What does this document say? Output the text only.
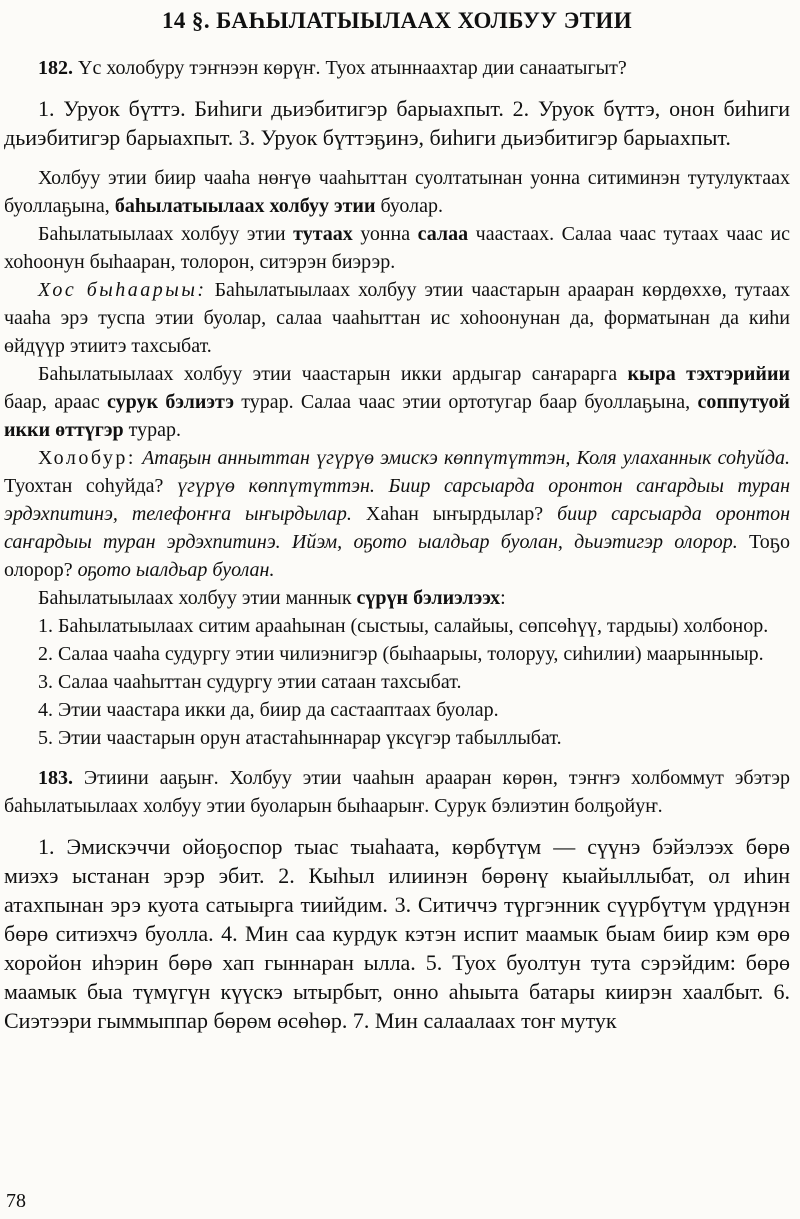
14 §. БАҺЫЛАТЫЫЛААХ ХОЛБУУ ЭТИИ

182. Үс холобуру тэҥнээн көрүҥ. Туох атыннаахтар дии санаатыгыт?

1. Уруок бүттэ. Биһиги дьиэбитигэр барыахпыт. 2. Уруок бүттэ, онон биһиги дьиэбитигэр барыахпыт. 3. Уруок бүттэҕинэ, биһиги дьиэбитигэр барыахпыт.

Холбуу этии биир чааһа нөҥүө чааһыттан суолтатынан уонна ситиминэн тутулуктаах буоллаҕына, баһылатыылаах холбуу этии буолар.

Баһылатыылаах холбуу этии тутаах уонна салаа чаастаах. Салаа чаас тутаах чаас ис хоһоонун быһааран, толорон, ситэрэн биэрэр.

Хос быһаарыы: Баһылатыылаах холбуу этии чаастарын арааран көрдөххө, тутаах чааһа эрэ туспа этии буолар, салаа чааһыттан ис хоһоонунан да, форматынан да киһи өйдүүр этиитэ тахсыбат.

Баһылатыылаах холбуу этии чаастарын икки ардыгар саҥарарга кыра тэхтэрийии баар, араас сурук бэлиэтэ турар. Салаа чаас этии ортотугар баар буоллаҕына, соппутуой икки өттүгэр турар.

Холобур: Атаҕын анныттан үгүрүө эмискэ көппүтүттэн, Коля улаханнык соһуйда. Туохтан соһуйда? үгүрүө көппүтүттэн. Биир сарсыарда оронтон саҥардыы туран эрдэхпитинэ, телефоҥҥа ыҥырдылар. Хаһан ыҥырдылар? биир сарсыарда оронтон саҥардыы туран эрдэхпитинэ. Ийэм, оҕото ыалдьар буолан, дьиэтигэр олорор. Тоҕо олорор? оҕото ыалдьар буолан.

Баһылатыылаах холбуу этии маннык сүрүн бэлиэлээх:

1. Баһылатыылаах ситим арааһынан (сыстыы, салайыы, сөпсөһүү, тардыы) холбонор.

2. Салаа чааһа судургу этии чилиэнигэр (быһаарыы, толоруу, сиһилии) маарынныыр.

3. Салаа чааһыттан судургу этии сатаан тахсыбат.

4. Этии чаастара икки да, биир да састааптаах буолар.

5. Этии чаастарын орун атастаһыннарар үксүгэр табыллыбат.

183. Этиини ааҕыҥ. Холбуу этии чааһын арааран көрөн, тэҥҥэ холбоммут эбэтэр баһылатыылаах холбуу этии буоларын быһаарыҥ. Сурук бэлиэтин болҕойуҥ.

1. Эмискэччи ойоҕоспор тыас тыаһаата, көрбүтүм — сүүнэ бэйэлээх бөрө миэхэ ыстанан эрэр эбит. 2. Кыһыл илиинэн бөрөнү кыайыллыбат, ол иһин атахпынан эрэ куота сатыырга тиийдим. 3. Ситиччэ түргэнник сүүрбүтүм үрдүнэн бөрө ситиэхчэ буолла. 4. Мин саа курдук кэтэн испит маамык быам биир кэм өрө хоройон иһэрин бөрө хап гыннаран ылла. 5. Туох буолтун тута сэрэйдим: бөрө маамык быа түмүгүн күүскэ ытырбыт, онно аһыыта батары киирэн хаалбыт. 6. Сиэтээри гыммыппар бөрөм өсөһөр. 7. Мин салаалаах тоҥ мутук

78
